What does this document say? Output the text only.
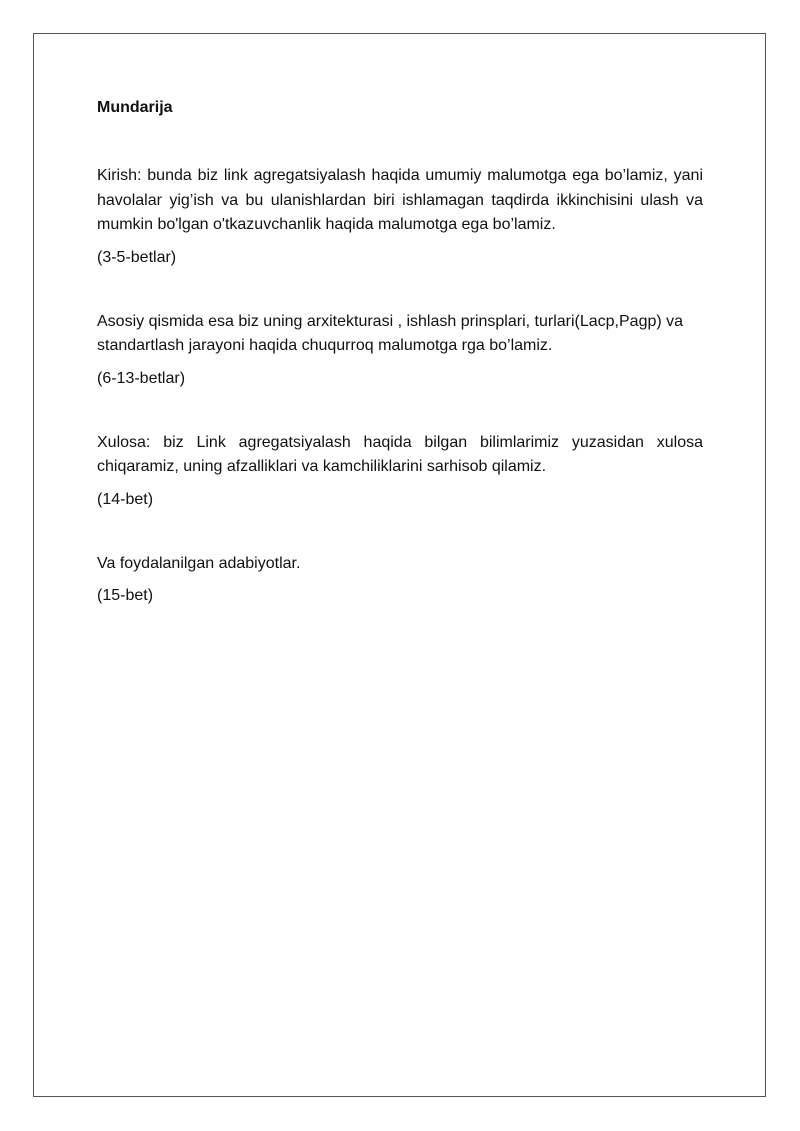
Mundarija

Kirish: bunda biz link agregatsiyalash haqida umumiy malumotga ega bo’lamiz, yani havolalar yig’ish va bu ulanishlardan biri ishlamagan taqdirda ikkinchisini ulash va mumkin bo'lgan o'tkazuvchanlik haqida malumotga ega bo’lamiz.

(3-5-betlar)

Asosiy qismida esa biz uning arxitekturasi , ishlash prinsplari, turlari(Lacp,Pagp) va standartlash jarayoni haqida chuqurroq malumotga rga bo’lamiz.

(6-13-betlar)

Xulosa: biz Link agregatsiyalash haqida bilgan bilimlarimiz yuzasidan xulosa chiqaramiz, uning afzalliklari va kamchiliklarini sarhisob qilamiz.

(14-bet)

Va foydalanilgan adabiyotlar.

(15-bet)
